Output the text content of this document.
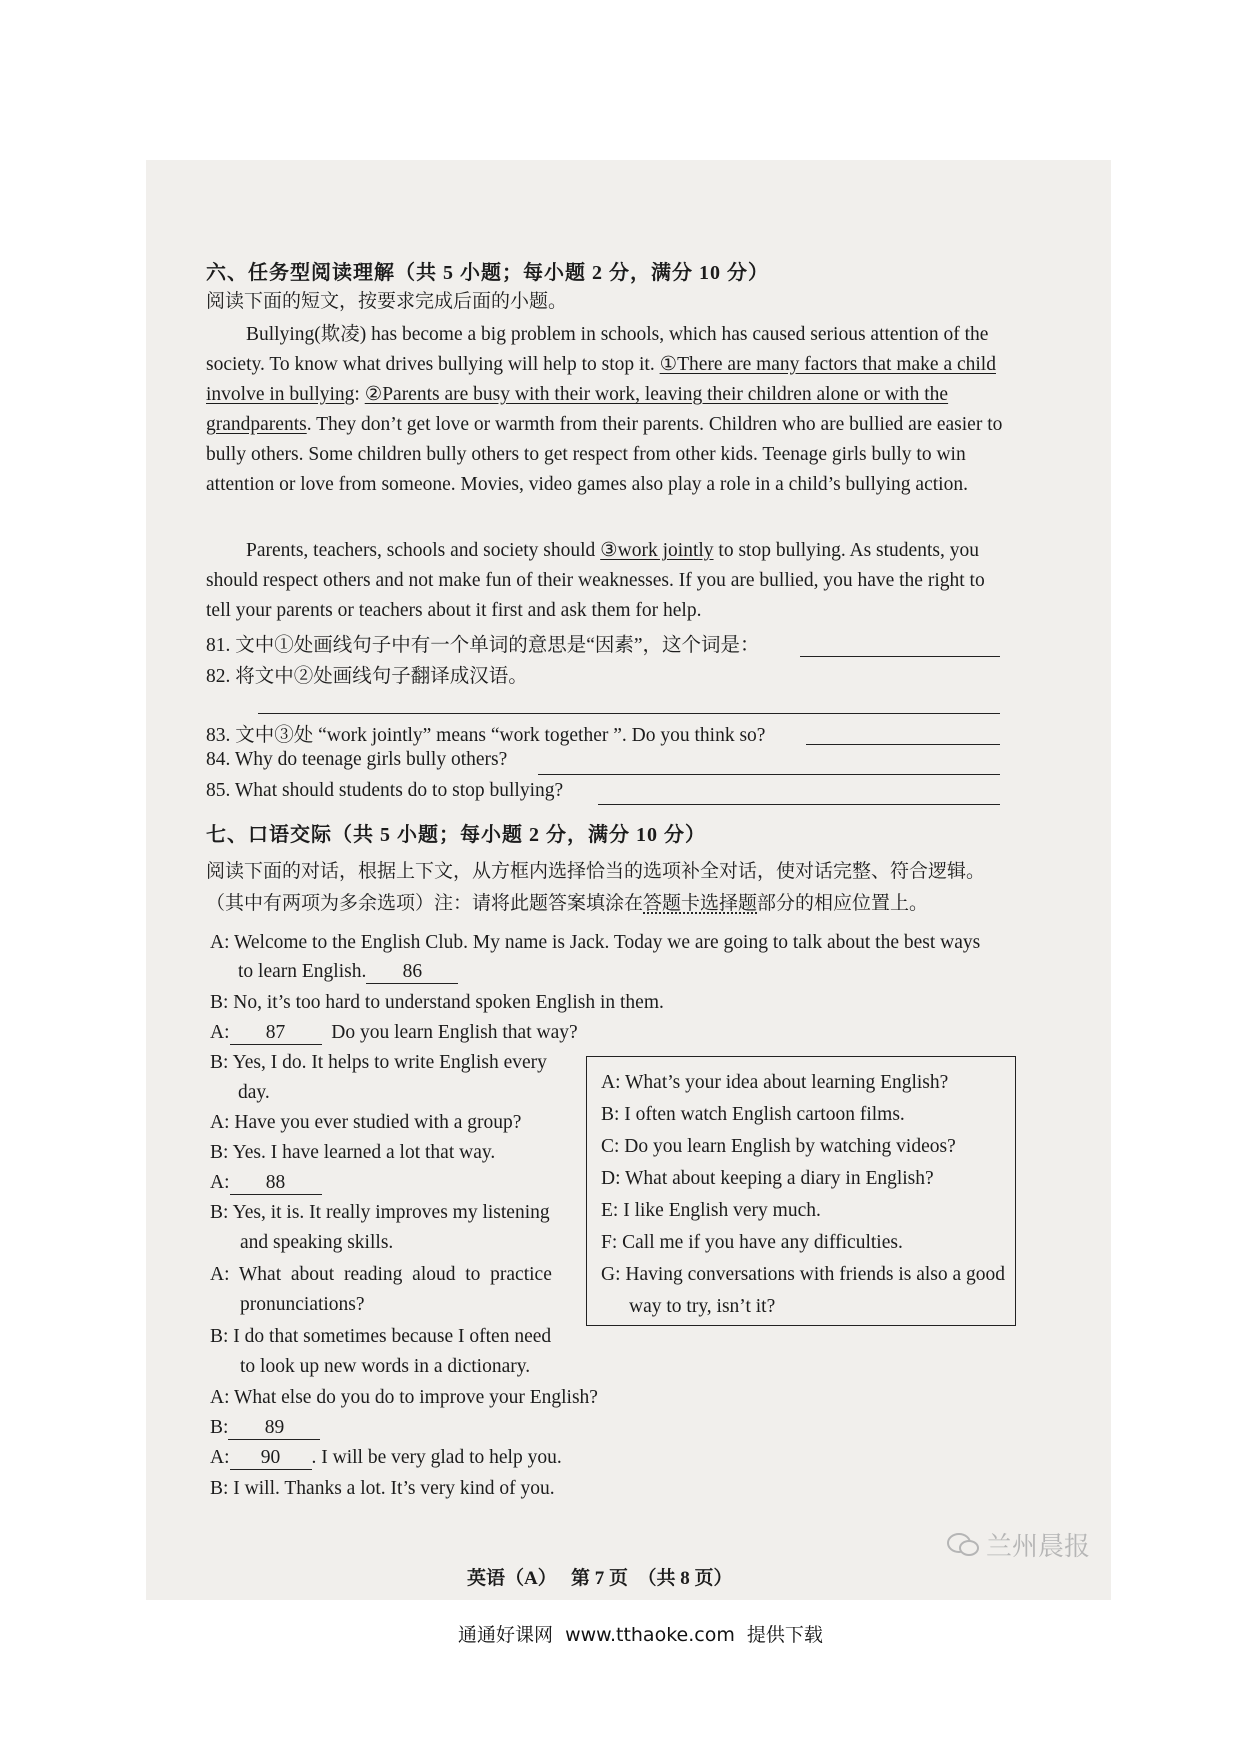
六、任务型阅读理解（共 5 小题；每小题 2 分，满分 10 分）
阅读下面的短文，按要求完成后面的小题。
Bullying(欺凌) has become a big problem in schools, which has caused serious attention of the society. To know what drives bullying will help to stop it. ①There are many factors that make a child involve in bullying: ②Parents are busy with their work, leaving their children alone or with the grandparents. They don’t get love or warmth from their parents. Children who are bullied are easier to bully others. Some children bully others to get respect from other kids. Teenage girls bully to win attention or love from someone. Movies, video games also play a role in a child’s bullying action.
Parents, teachers, schools and society should ③work jointly to stop bullying. As students, you should respect others and not make fun of their weaknesses. If you are bullied, you have the right to tell your parents or teachers about it first and ask them for help.
81. 文中①处画线句子中有一个单词的意思是“因素”，这个词是：
82. 将文中②处画线句子翻译成汉语。
83. 文中③处 “work jointly” means “work together ”. Do you think so?
84. Why do teenage girls bully others?
85. What should students do to stop bullying?
七、口语交际（共 5 小题；每小题 2 分，满分 10 分）
阅读下面的对话，根据上下文，从方框内选择恰当的选项补全对话，使对话完整、符合逻辑。
（其中有两项为多余选项）注：请将此题答案填涂在答题卡选择题部分的相应位置上。
A: Welcome to the English Club. My name is Jack. Today we are going to talk about the best ways
to learn English. 86
B: No, it’s too hard to understand spoken English in them.
A: 87 Do you learn English that way?
B: Yes, I do. It helps to write English every
day.
A: Have you ever studied with a group?
B: Yes. I have learned a lot that way.
A: 88
B: Yes, it is. It really improves my listening
and speaking skills.
A:  What  about  reading  aloud  to  practice
pronunciations?
B: I do that sometimes because I often need
to look up new words in a dictionary.
A: What else do you do to improve your English?
B: 89
A: 90 . I will be very glad to help you.
B: I will. Thanks a lot. It’s very kind of you.
A: What’s your idea about learning English?
B: I often watch English cartoon films.
C: Do you learn English by watching videos?
D: What about keeping a diary in English?
E: I like English very much.
F: Call me if you have any difficulties.
G: Having conversations with friends is also a good
way to try, isn’t it?
兰州晨报
英语（A）   第 7 页  （共 8 页）
通通好课网  www.tthaoke.com  提供下载
